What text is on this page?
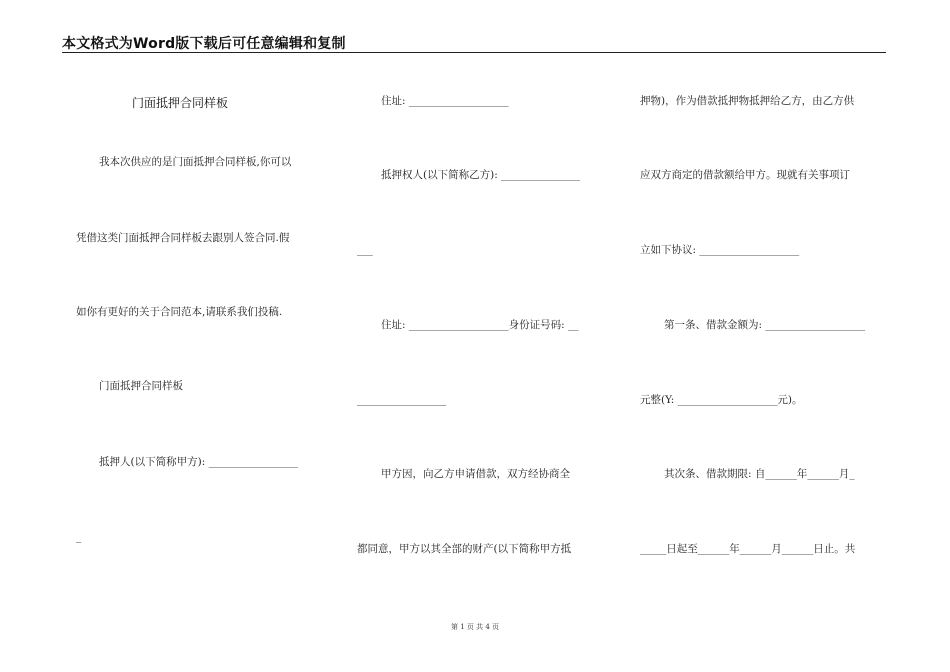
本文格式为Word版下载后可任意编辑和复制
门面抵押合同样板
我本次供应的是门面抵押合同样板,你可以
凭借这类门面抵押合同样板去跟别人签合同.假
如你有更好的关于合同范本,请联系我们投稿.
门面抵押合同样板
抵押人(以下简称甲方): _________________
_
住址: ___________________
抵押权人(以下简称乙方): _______________
___
住址: ___________________身份证号码: __
_________________
甲方因，向乙方申请借款，双方经协商全
都同意，甲方以其全部的财产(以下简称甲方抵
押物)，作为借款抵押物抵押给乙方，由乙方供
应双方商定的借款额给甲方。现就有关事项订
立如下协议: ___________________
第一条、借款金额为: ___________________
元整(Y: ___________________元)。
其次条、借款期限: 自______年______月_
_____日起至______年______月______日止。共
第 1 页 共 4 页
